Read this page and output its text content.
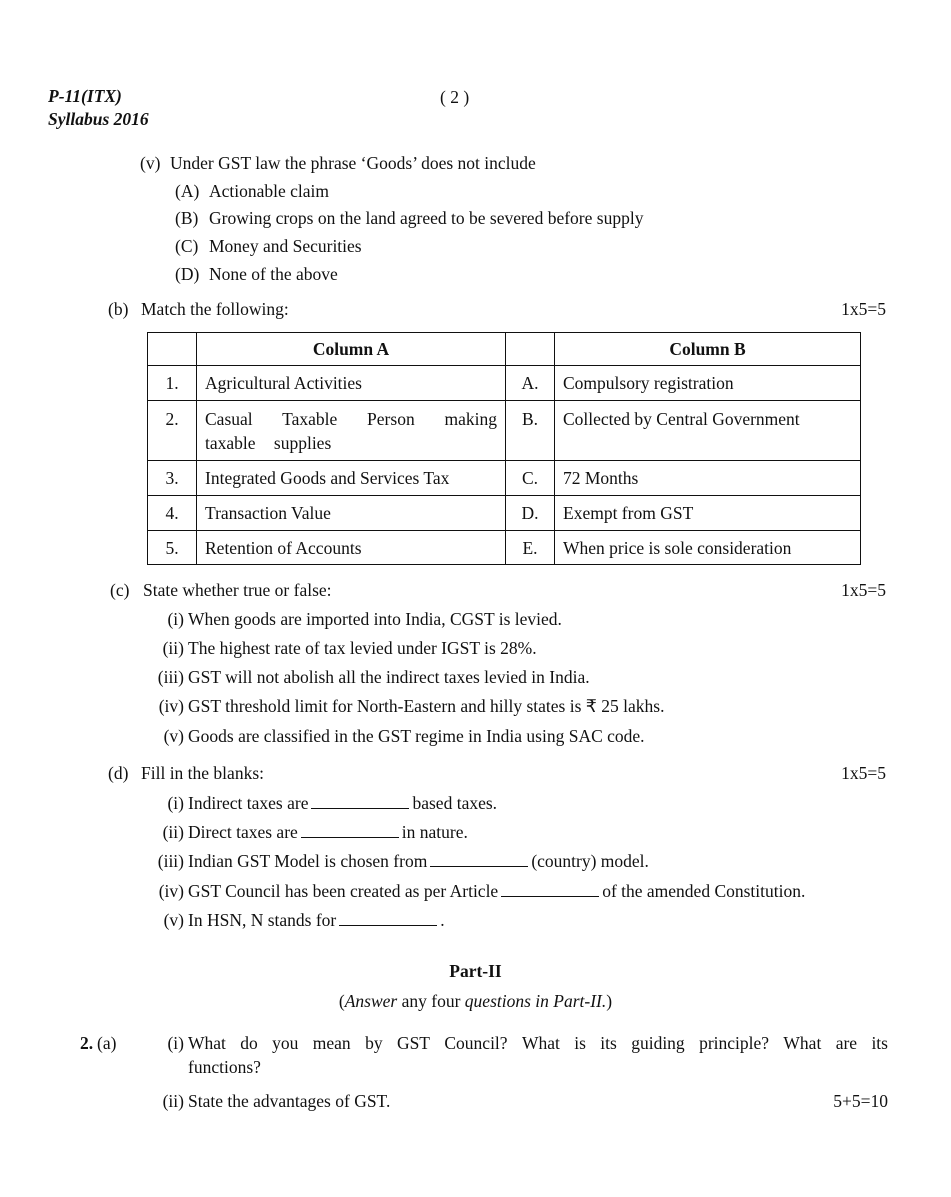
P-11(ITX)
Syllabus 2016
( 2 )
(v) Under GST law the phrase ‘Goods’ does not include
(A) Actionable claim
(B) Growing crops on the land agreed to be severed before supply
(C) Money and Securities
(D) None of the above
(b) Match the following:	1x5=5
	Column A		Column B
1.	Agricultural Activities	A.	Compulsory registration
2.	Casual Taxable Person making taxable supplies	B.	Collected by Central Government
3.	Integrated Goods and Services Tax	C.	72 Months
4.	Transaction Value	D.	Exempt from GST
5.	Retention of Accounts	E.	When price is sole consideration
(c) State whether true or false:	1x5=5
(i) When goods are imported into India, CGST is levied.
(ii) The highest rate of tax levied under IGST is 28%.
(iii) GST will not abolish all the indirect taxes levied in India.
(iv) GST threshold limit for North-Eastern and hilly states is ₹ 25 lakhs.
(v) Goods are classified in the GST regime in India using SAC code.
(d) Fill in the blanks:	1x5=5
(i) Indirect taxes are	based taxes.
(ii) Direct taxes are	in nature.
(iii) Indian GST Model is chosen from	(country) model.
(iv) GST Council has been created as per Article	of the amended Constitution.
(v) In HSN, N stands for	.
Part-II
(Answer any four questions in Part-II.)
2. (a)	(i) What do you mean by GST Council? What is its guiding principle? What are its
functions?
(ii) State the advantages of GST.	5+5=10
